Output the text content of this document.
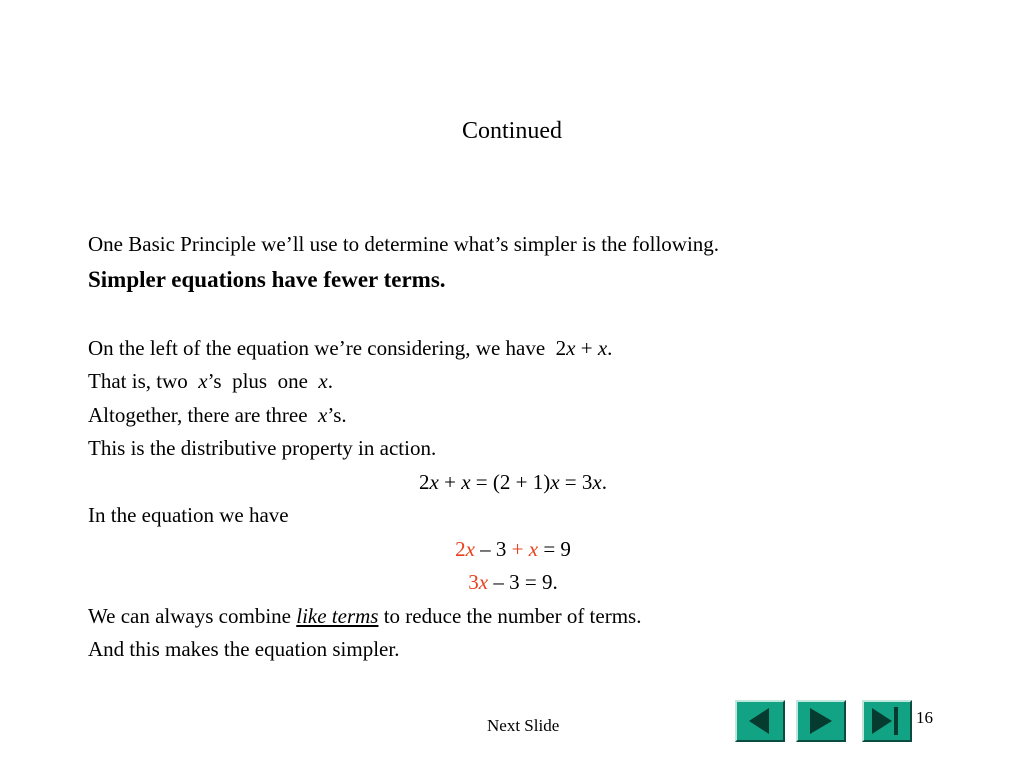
Continued
One Basic Principle we’ll use to determine what’s simpler is the following.
Simpler equations have fewer terms.
On the left of the equation we’re considering, we have  2x + x.
That is, two  x’s  plus  one  x.
Altogether, there are three  x’s.
This is the distributive property in action.
2x + x = (2 + 1)x = 3x.
In the equation we have
2x – 3 + x = 9
3x – 3 = 9.
We can always combine like terms to reduce the number of terms.
And this makes the equation simpler.
Next Slide	16
